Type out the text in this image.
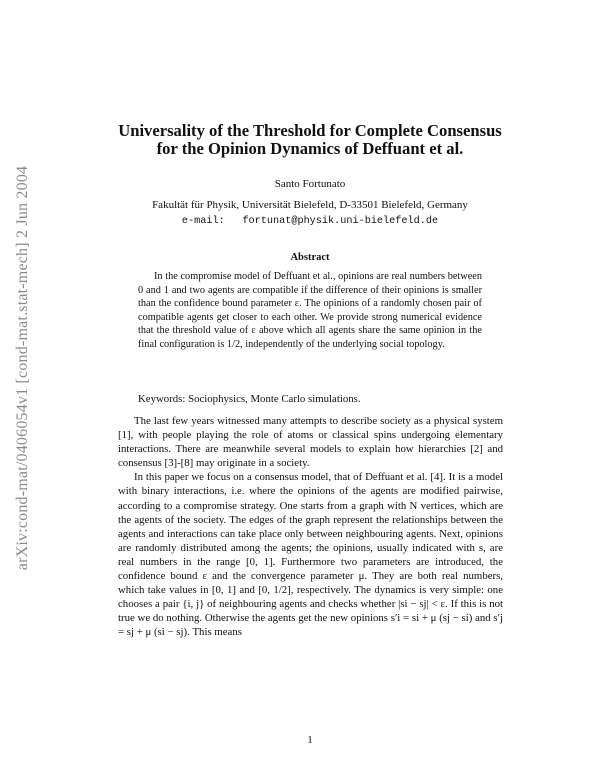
arXiv:cond-mat/0406054v1 [cond-mat.stat-mech] 2 Jun 2004
Universality of the Threshold for Complete Consensus
for the Opinion Dynamics of Deffuant et al.
Santo Fortunato
Fakultät für Physik, Universität Bielefeld, D-33501 Bielefeld, Germany
e-mail: fortunat@physik.uni-bielefeld.de
Abstract
In the compromise model of Deffuant et al., opinions are real numbers between 0 and 1 and two agents are compatible if the difference of their opinions is smaller than the confidence bound parameter ε. The opinions of a randomly chosen pair of compatible agents get closer to each other. We provide strong numerical evidence that the threshold value of ε above which all agents share the same opinion in the final configuration is 1/2, independently of the underlying social topology.
Keywords: Sociophysics, Monte Carlo simulations.

The last few years witnessed many attempts to describe society as a physical system [1], with people playing the role of atoms or classical spins undergoing elementary interactions. There are meanwhile several models to explain how hierarchies [2] and consensus [3]-[8] may originate in a society.

In this paper we focus on a consensus model, that of Deffuant et al. [4]. It is a model with binary interactions, i.e. where the opinions of the agents are modified pairwise, according to a compromise strategy. One starts from a graph with N vertices, which are the agents of the society. The edges of the graph represent the relationships between the agents and interactions can take place only between neighbouring agents. Next, opinions are randomly distributed among the agents; the opinions, usually indicated with s, are real numbers in the range [0, 1]. Furthermore two parameters are introduced, the confidence bound ε and the convergence parameter μ. They are both real numbers, which take values in [0, 1] and [0, 1/2], respectively. The dynamics is very simple: one chooses a pair {i, j} of neighbouring agents and checks whether |si − sj| < ε. If this is not true we do nothing. Otherwise the agents get the new opinions s′i = si + μ (sj − si) and s′j = sj + μ (si − sj). This means

1
